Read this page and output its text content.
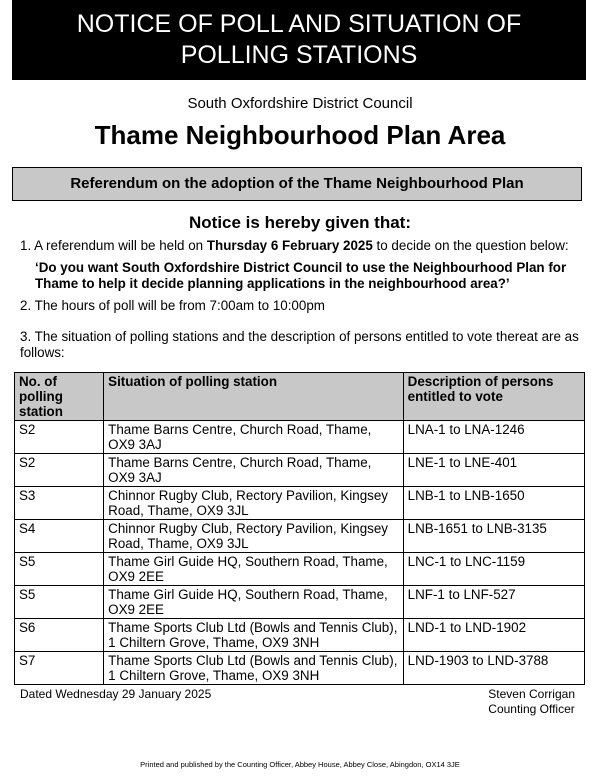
NOTICE OF POLL AND SITUATION OF
POLLING STATIONS
South Oxfordshire District Council
Thame Neighbourhood Plan Area
Referendum on the adoption of the Thame Neighbourhood Plan
Notice is hereby given that:
1. A referendum will be held on Thursday 6 February 2025 to decide on the question below:
‘Do you want South Oxfordshire District Council to use the Neighbourhood Plan for Thame to help it decide planning applications in the neighbourhood area?’
2. The hours of poll will be from 7:00am to 10:00pm
3. The situation of polling stations and the description of persons entitled to vote thereat are as follows:
No. of polling station	Situation of polling station	Description of persons entitled to vote
S2	Thame Barns Centre, Church Road, Thame, OX9 3AJ	LNA-1 to LNA-1246
S2	Thame Barns Centre, Church Road, Thame, OX9 3AJ	LNE-1 to LNE-401
S3	Chinnor Rugby Club, Rectory Pavilion, Kingsey Road, Thame, OX9 3JL	LNB-1 to LNB-1650
S4	Chinnor Rugby Club, Rectory Pavilion, Kingsey Road, Thame, OX9 3JL	LNB-1651 to LNB-3135
S5	Thame Girl Guide HQ, Southern Road, Thame, OX9 2EE	LNC-1 to LNC-1159
S5	Thame Girl Guide HQ, Southern Road, Thame, OX9 2EE	LNF-1 to LNF-527
S6	Thame Sports Club Ltd (Bowls and Tennis Club), 1 Chiltern Grove, Thame, OX9 3NH	LND-1 to LND-1902
S7	Thame Sports Club Ltd (Bowls and Tennis Club), 1 Chiltern Grove, Thame, OX9 3NH	LND-1903 to LND-3788
Dated Wednesday 29 January 2025	Steven Corrigan
Counting Officer
Printed and published by the Counting Officer, Abbey House, Abbey Close, Abingdon, OX14 3JE
